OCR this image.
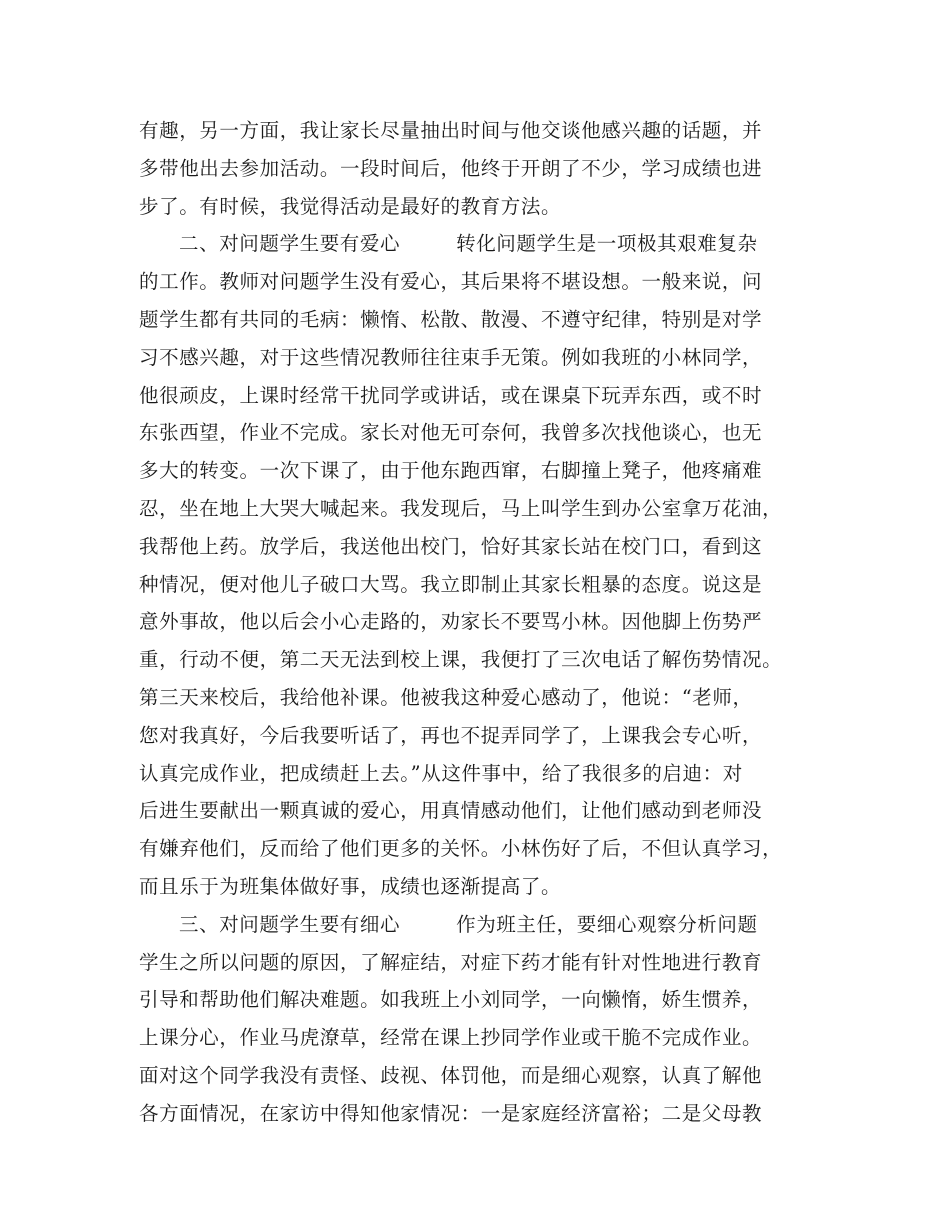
有趣，另一方面，我让家长尽量抽出时间与他交谈他感兴趣的话题，并
多带他出去参加活动。一段时间后，他终于开朗了不少，学习成绩也进
步了。有时候，我觉得活动是最好的教育方法。
二、对问题学生要有爱心	转化问题学生是一项极其艰难复杂
的工作。教师对问题学生没有爱心，其后果将不堪设想。一般来说，问
题学生都有共同的毛病：懒惰、松散、散漫、不遵守纪律，特别是对学
习不感兴趣，对于这些情况教师往往束手无策。例如我班的小林同学，
他很顽皮，上课时经常干扰同学或讲话，或在课桌下玩弄东西，或不时
东张西望，作业不完成。家长对他无可奈何，我曾多次找他谈心，也无
多大的转变。一次下课了，由于他东跑西窜，右脚撞上凳子，他疼痛难
忍，坐在地上大哭大喊起来。我发现后，马上叫学生到办公室拿万花油，
我帮他上药。放学后，我送他出校门，恰好其家长站在校门口，看到这
种情况，便对他儿子破口大骂。我立即制止其家长粗暴的态度。说这是
意外事故，他以后会小心走路的，劝家长不要骂小林。因他脚上伤势严
重，行动不便，第二天无法到校上课，我便打了三次电话了解伤势情况。
第三天来校后，我给他补课。他被我这种爱心感动了，他说：“老师，
您对我真好，今后我要听话了，再也不捉弄同学了，上课我会专心听，
认真完成作业，把成绩赶上去。”从这件事中，给了我很多的启迪：对
后进生要献出一颗真诚的爱心，用真情感动他们，让他们感动到老师没
有嫌弃他们，反而给了他们更多的关怀。小林伤好了后，不但认真学习，
而且乐于为班集体做好事，成绩也逐渐提高了。
三、对问题学生要有细心	作为班主任，要细心观察分析问题
学生之所以问题的原因，了解症结，对症下药才能有针对性地进行教育
引导和帮助他们解决难题。如我班上小刘同学，一向懒惰，娇生惯养，
上课分心，作业马虎潦草，经常在课上抄同学作业或干脆不完成作业。
面对这个同学我没有责怪、歧视、体罚他，而是细心观察，认真了解他
各方面情况，在家访中得知他家情况：一是家庭经济富裕；二是父母教
